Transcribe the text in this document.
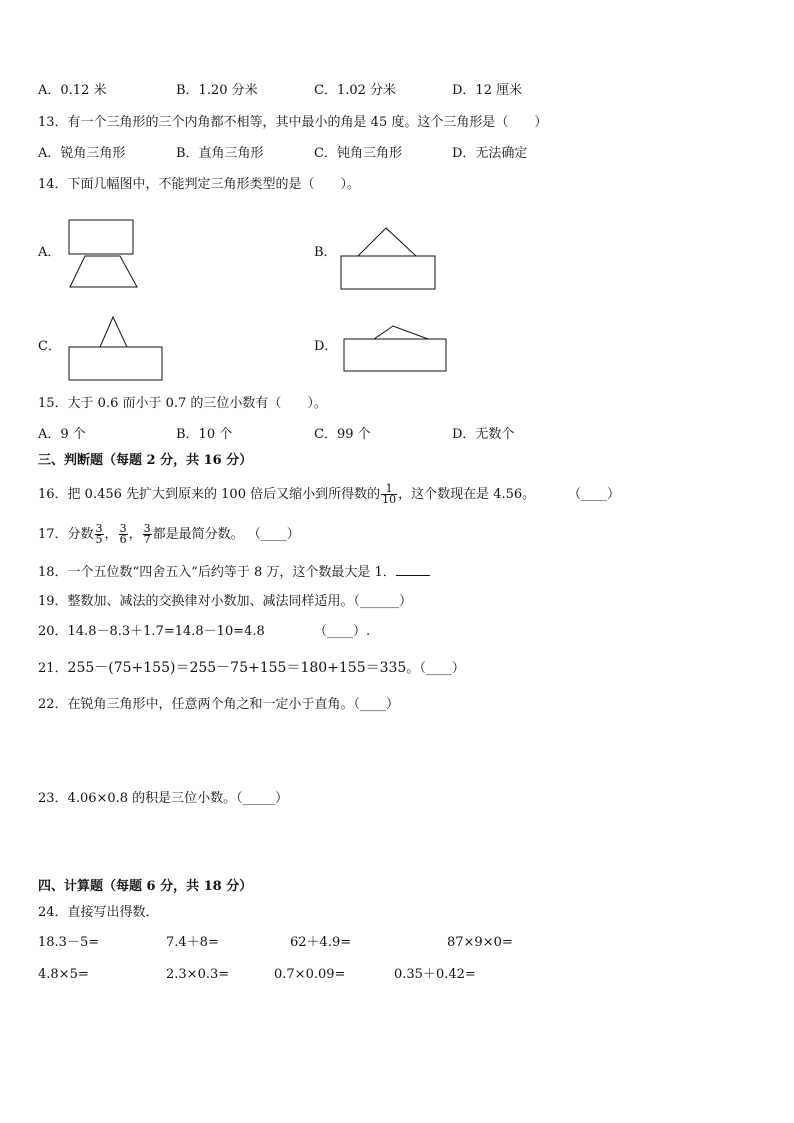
A．0.12 米	B．1.20 分米	C．1.02 分米	D．12 厘米
13．有一个三角形的三个内角都不相等，其中最小的角是 45 度。这个三角形是（　　）
A．锐角三角形	B．直角三角形	C．钝角三角形	D．无法确定
14．下面几幅图中，不能判定三角形类型的是（　　）。
A．	B．
C．	D．
15．大于 0.6 而小于 0.7 的三位小数有（　　）。
A．9 个	B．10 个	C．99 个	D．无数个
三、判断题（每题 2 分，共 16 分）
16．把 0.456 先扩大到原来的 100 倍后又缩小到所得数的 $\frac{1}{10}$ ，这个数现在是 4.56。	（____）
17．分数 $\frac{3}{5}$ ， $\frac{3}{6}$ ， $\frac{3}{7}$ 都是最简分数。 （____）
18．一个五位数“四舍五入”后约等于 8 万，这个数最大是 1．
19．整数加、减法的交换律对小数加、减法同样适用。（______）
20．14.8－8.3＋1.7=14.8－10=4.8	（____）.
21．255－(75+155)＝255－75+155＝180+155＝335。（____）
22．在锐角三角形中，任意两个角之和一定小于直角。（____）
23．4.06×0.8 的积是三位小数。（_____）
四、计算题（每题 6 分，共 18 分）
24．直接写出得数．
18.3－5=	7.4＋8=	62＋4.9=	87×9×0=
4.8×5=	2.3×0.3=	0.7×0.09=	0.35＋0.42=
